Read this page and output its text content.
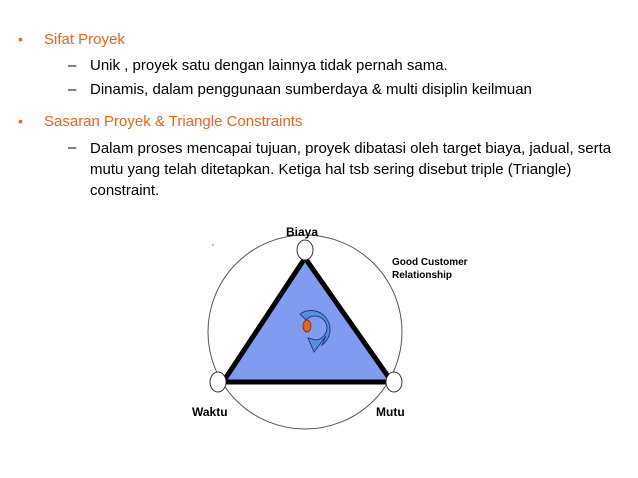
•	Sifat Proyek
– Unik , proyek satu dengan lainnya tidak pernah sama.
– Dinamis, dalam penggunaan sumberdaya & multi disiplin keilmuan
•	Sasaran Proyek & Triangle Constraints
– Dalam proses mencapai tujuan, proyek dibatasi oleh target biaya, jadual, serta mutu yang telah ditetapkan. Ketiga hal tsb sering disebut triple (Triangle) constraint.
Biaya
Waktu	Mutu
Good Customer
Relationship
